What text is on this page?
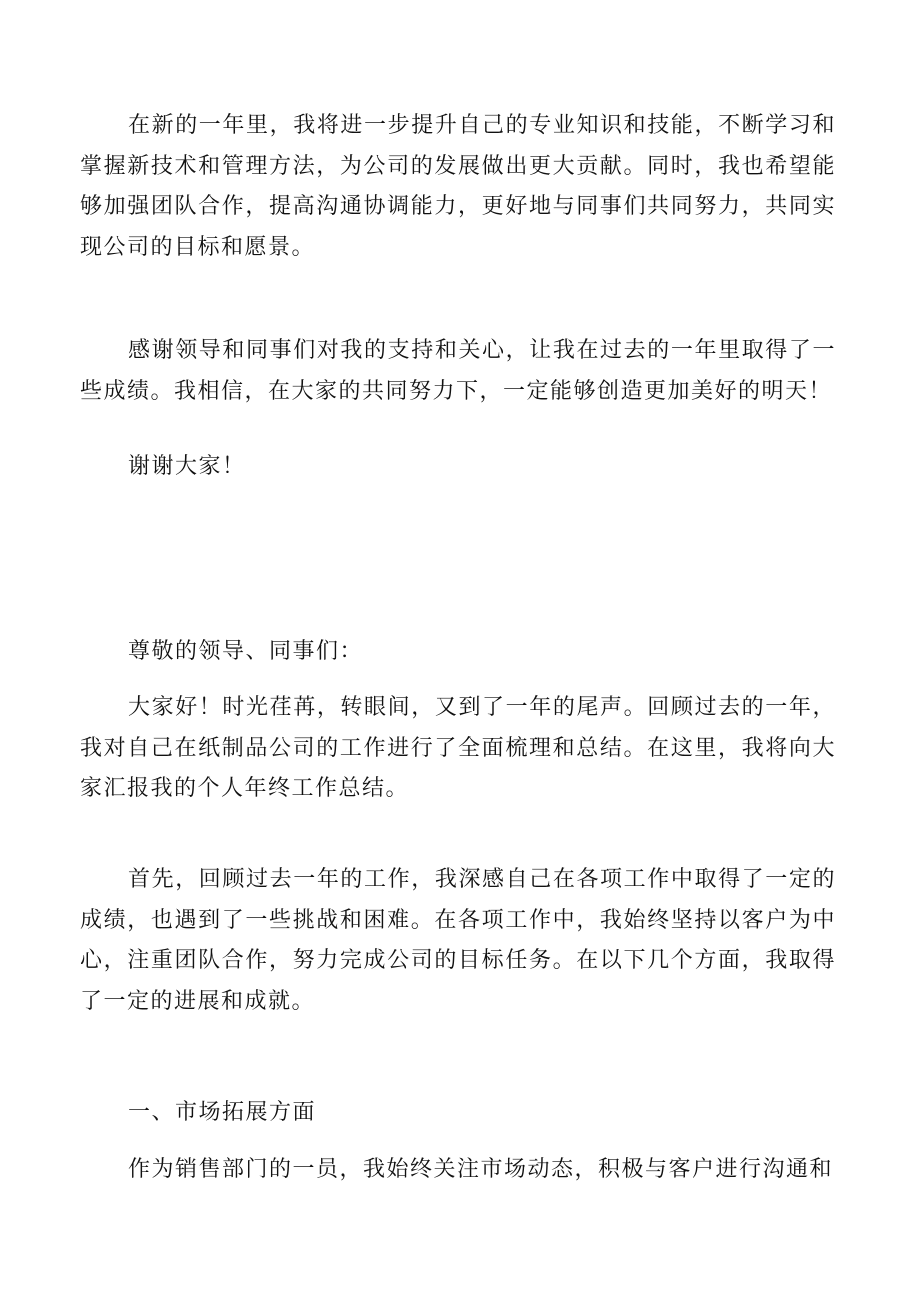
在新的一年里，我将进一步提升自己的专业知识和技能，不断学习和掌握新技术和管理方法，为公司的发展做出更大贡献。同时，我也希望能够加强团队合作，提高沟通协调能力，更好地与同事们共同努力，共同实现公司的目标和愿景。

感谢领导和同事们对我的支持和关心，让我在过去的一年里取得了一些成绩。我相信，在大家的共同努力下，一定能够创造更加美好的明天！

谢谢大家！

尊敬的领导、同事们：

大家好！时光荏苒，转眼间，又到了一年的尾声。回顾过去的一年，我对自己在纸制品公司的工作进行了全面梳理和总结。在这里，我将向大家汇报我的个人年终工作总结。

首先，回顾过去一年的工作，我深感自己在各项工作中取得了一定的成绩，也遇到了一些挑战和困难。在各项工作中，我始终坚持以客户为中心，注重团队合作，努力完成公司的目标任务。在以下几个方面，我取得了一定的进展和成就。

一、市场拓展方面

作为销售部门的一员，我始终关注市场动态，积极与客户进行沟通和
